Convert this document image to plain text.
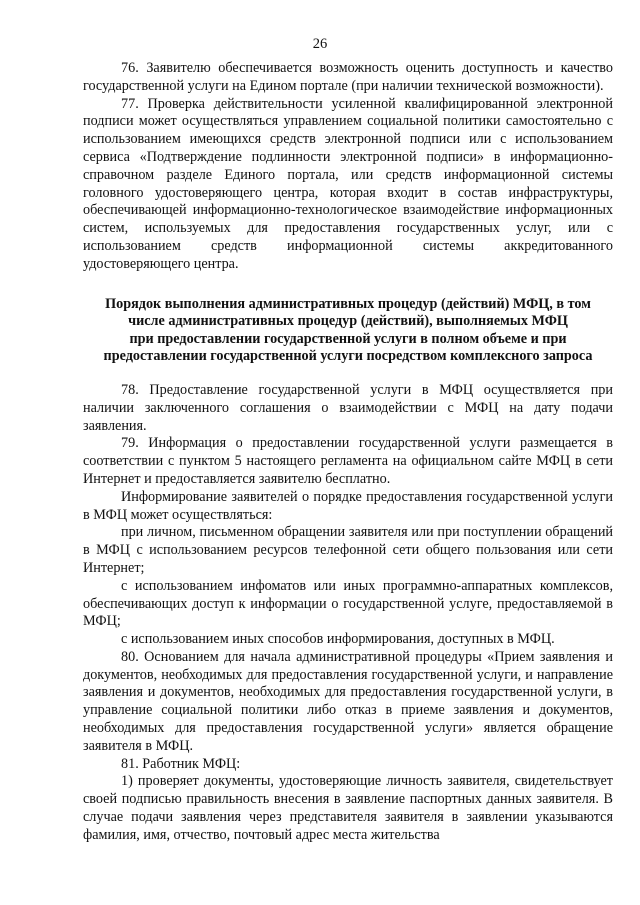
26

76. Заявителю обеспечивается возможность оценить доступность и качество государственной услуги на Едином портале (при наличии технической возможности).

77. Проверка действительности усиленной квалифицированной электронной подписи может осуществляться управлением социальной политики самостоятельно с использованием имеющихся средств электронной подписи или с использованием сервиса «Подтверждение подлинности электронной подписи» в информационно-справочном разделе Единого портала, или средств информационной системы головного удостоверяющего центра, которая входит в состав инфраструктуры, обеспечивающей информационно-технологическое взаимодействие информационных систем, используемых для предоставления государственных услуг, или с использованием средств информационной системы аккредитованного удостоверяющего центра.

Порядок выполнения административных процедур (действий) МФЦ, в том
числе административных процедур (действий), выполняемых МФЦ
при предоставлении государственной услуги в полном объеме и при
предоставлении государственной услуги посредством комплексного запроса

78. Предоставление государственной услуги в МФЦ осуществляется при наличии заключенного соглашения о взаимодействии с МФЦ на дату подачи заявления.

79. Информация о предоставлении государственной услуги размещается в соответствии с пунктом 5 настоящего регламента на официальном сайте МФЦ в сети Интернет и предоставляется заявителю бесплатно.

Информирование заявителей о порядке предоставления государственной услуги в МФЦ может осуществляться:

при личном, письменном обращении заявителя или при поступлении обращений в МФЦ с использованием ресурсов телефонной сети общего пользования или сети Интернет;

с использованием инфоматов или иных программно-аппаратных комплексов, обеспечивающих доступ к информации о государственной услуге, предоставляемой в МФЦ;

с использованием иных способов информирования, доступных в МФЦ.

80. Основанием для начала административной процедуры «Прием заявления и документов, необходимых для предоставления государственной услуги, и направление заявления и документов, необходимых для предоставления государственной услуги, в управление социальной политики либо отказ в приеме заявления и документов, необходимых для предоставления государственной услуги» является обращение заявителя в МФЦ.

81. Работник МФЦ:

1) проверяет документы, удостоверяющие личность заявителя, свидетельствует своей подписью правильность внесения в заявление паспортных данных заявителя. В случае подачи заявления через представителя заявителя в заявлении указываются фамилия, имя, отчество, почтовый адрес места жительства
